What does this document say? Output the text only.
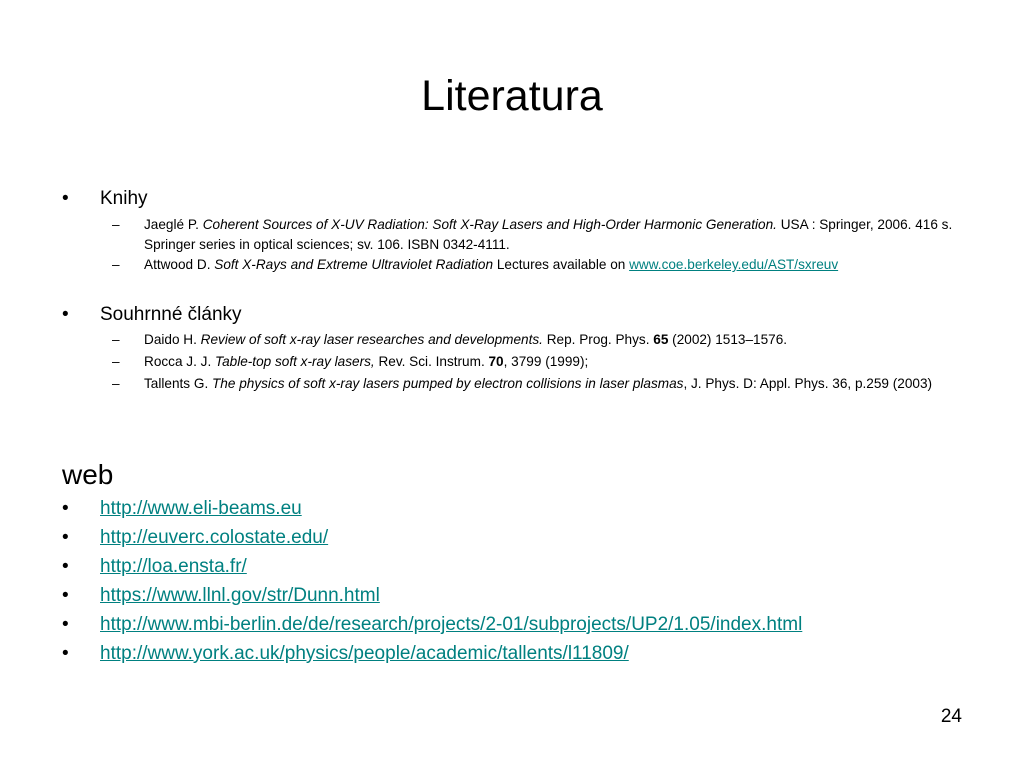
Literatura
• Knihy
– Jaeglé P. Coherent Sources of X-UV Radiation: Soft X-Ray Lasers and High-Order Harmonic Generation. USA : Springer, 2006. 416 s. Springer series in optical sciences; sv. 106. ISBN 0342-4111.
– Attwood D. Soft X-Rays and Extreme Ultraviolet Radiation Lectures available on www.coe.berkeley.edu/AST/sxreuv
• Souhrnné články
– Daido H. Review of soft x-ray laser researches and developments. Rep. Prog. Phys. 65 (2002) 1513–1576.
– Rocca J. J. Table-top soft x-ray lasers, Rev. Sci. Instrum. 70, 3799 (1999);
– Tallents G. The physics of soft x-ray lasers pumped by electron collisions in laser plasmas, J. Phys. D: Appl. Phys. 36, p.259 (2003)
web
• http://www.eli-beams.eu
• http://euverc.colostate.edu/
• http://loa.ensta.fr/
• https://www.llnl.gov/str/Dunn.html
• http://www.mbi-berlin.de/de/research/projects/2-01/subprojects/UP2/1.05/index.html
• http://www.york.ac.uk/physics/people/academic/tallents/l11809/
24
